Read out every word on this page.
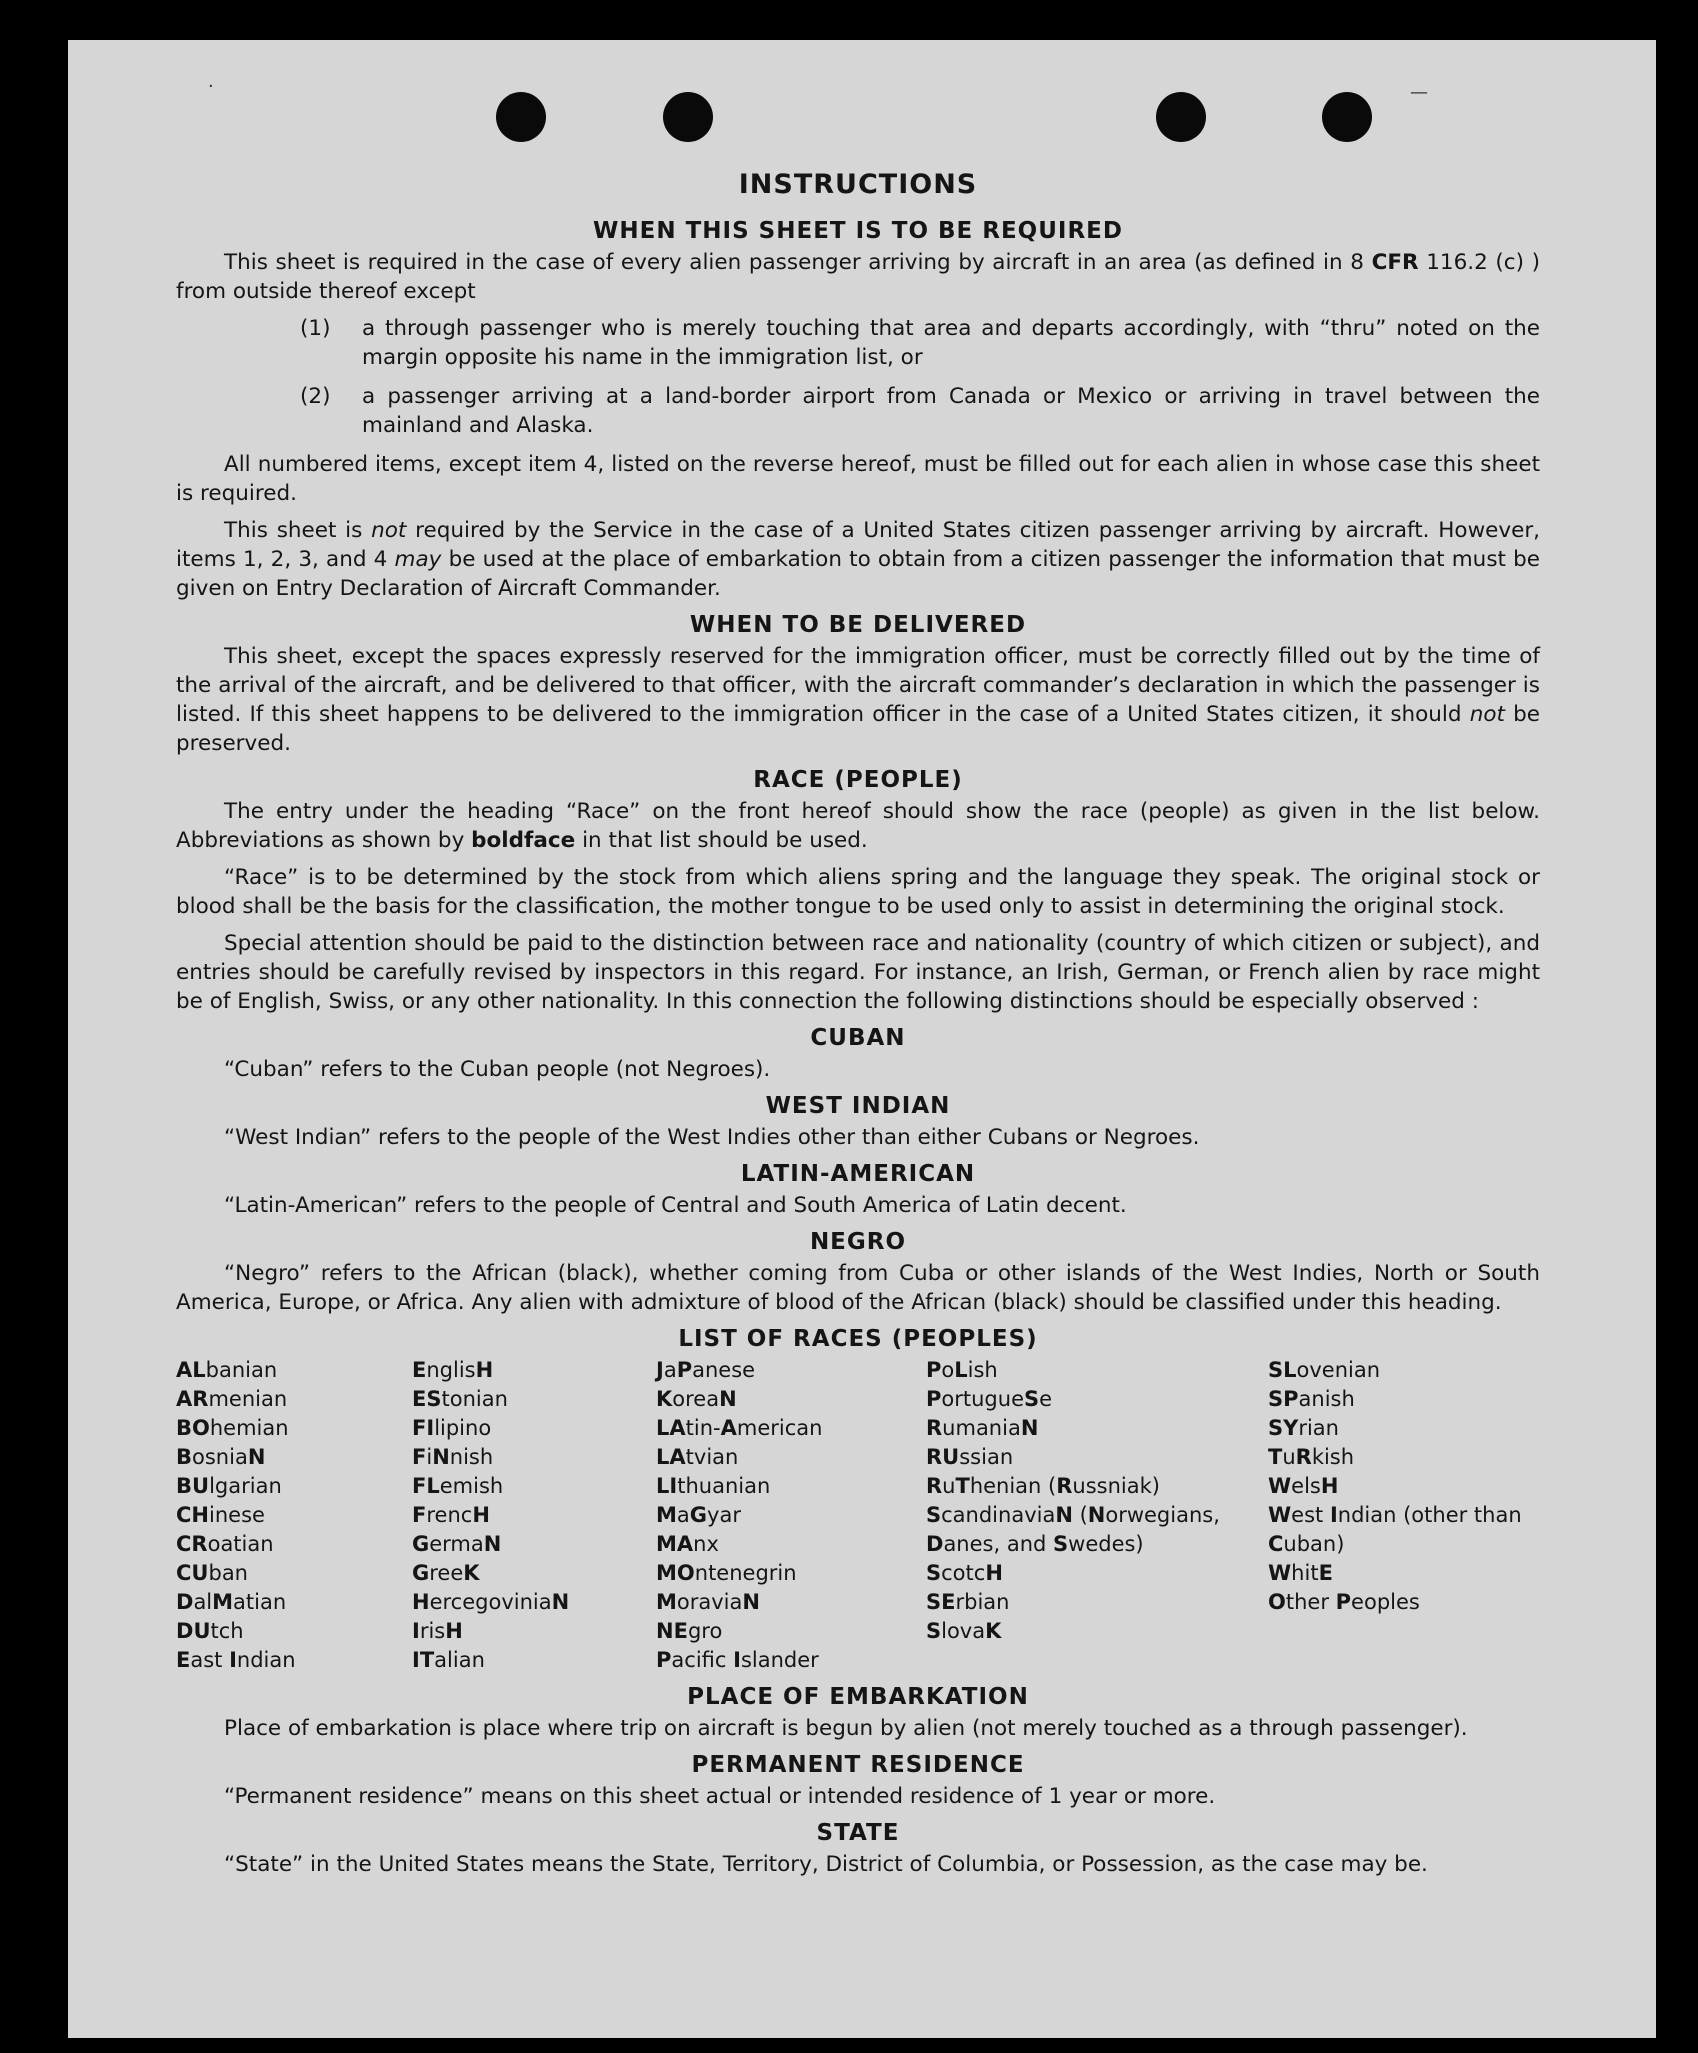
·	—
INSTRUCTIONS
WHEN THIS SHEET IS TO BE REQUIRED

This sheet is required in the case of every alien passenger arriving by aircraft in an area (as defined in 8 CFR 116.2 (c) ) from outside thereof except

(1)	a through passenger who is merely touching that area and departs accordingly, with “thru” noted on the margin opposite his name in the immigration list, or
(2)	a passenger arriving at a land-border airport from Canada or Mexico or arriving in travel between the mainland and Alaska.

All numbered items, except item 4, listed on the reverse hereof, must be filled out for each alien in whose case this sheet is required.

This sheet is not required by the Service in the case of a United States citizen passenger arriving by aircraft. However, items 1, 2, 3, and 4 may be used at the place of embarkation to obtain from a citizen passenger the information that must be given on Entry Declaration of Aircraft Commander.

WHEN TO BE DELIVERED

This sheet, except the spaces expressly reserved for the immigration officer, must be correctly filled out by the time of the arrival of the aircraft, and be delivered to that officer, with the aircraft commander’s declaration in which the passenger is listed. If this sheet happens to be delivered to the immigration officer in the case of a United States citizen, it should not be preserved.

RACE (PEOPLE)

The entry under the heading “Race” on the front hereof should show the race (people) as given in the list below. Abbreviations as shown by boldface in that list should be used.

“Race” is to be determined by the stock from which aliens spring and the language they speak. The original stock or blood shall be the basis for the classification, the mother tongue to be used only to assist in determining the original stock.

Special attention should be paid to the distinction between race and nationality (country of which citizen or subject), and entries should be carefully revised by inspectors in this regard. For instance, an Irish, German, or French alien by race might be of English, Swiss, or any other nationality. In this connection the following distinctions should be especially observed :

CUBAN

“Cuban” refers to the Cuban people (not Negroes).

WEST INDIAN

“West Indian” refers to the people of the West Indies other than either Cubans or Negroes.

LATIN-AMERICAN

“Latin-American” refers to the people of Central and South America of Latin decent.

NEGRO

“Negro” refers to the African (black), whether coming from Cuba or other islands of the West Indies, North or South America, Europe, or Africa. Any alien with admixture of blood of the African (black) should be classified under this heading.

LIST OF RACES (PEOPLES)
ALbanian
ARmenian
BOhemian
BosniaN
BUlgarian
CHinese
CRoatian
CUban
DalMatian
DUtch
East Indian
EnglisH
EStonian
FIlipino
FiNnish
FLemish
FrencH
GermaN
GreeK
HercegoviniaN
IrisH
ITalian
JaPanese
KoreaN
LAtin-American
LAtvian
LIthuanian
MaGyar
MAnx
MOntenegrin
MoraviaN
NEgro
Pacific Islander
PoLish
PortugueSe
RumaniaN
RUssian
RuThenian (Russniak)
ScandinaviaN (Norwegians, Danes, and Swedes)
ScotcH
SErbian
SlovaK
SLovenian
SPanish
SYrian
TuRkish
WelsH
West Indian (other than Cuban)
WhitE
Other Peoples
PLACE OF EMBARKATION

Place of embarkation is place where trip on aircraft is begun by alien (not merely touched as a through passenger).

PERMANENT RESIDENCE

“Permanent residence” means on this sheet actual or intended residence of 1 year or more.

STATE

“State” in the United States means the State, Territory, District of Columbia, or Possession, as the case may be.
